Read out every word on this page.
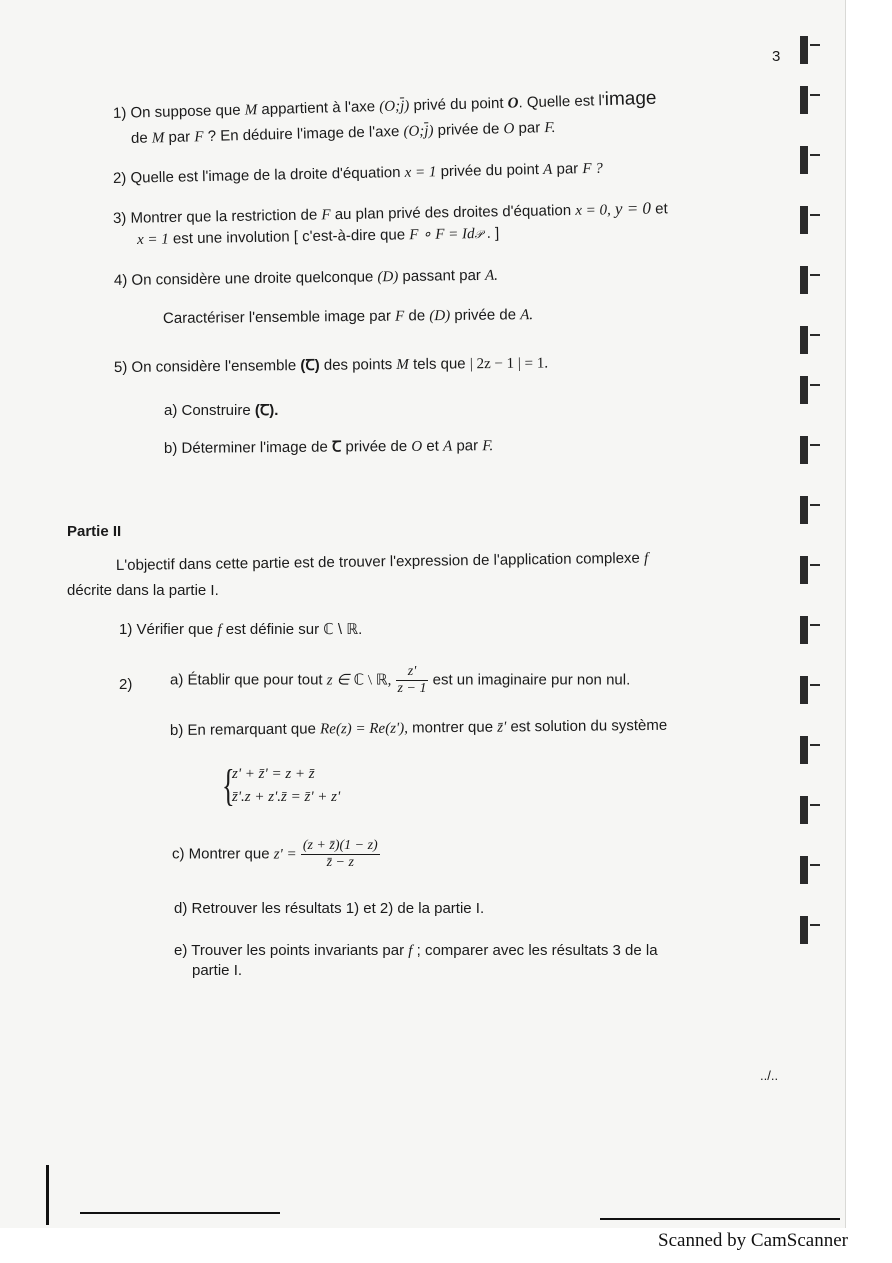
3
1) On suppose que M appartient à l'axe $(O;\overline{j})$ privé du point O. Quelle est l'image
de M par F ? En déduire l'image de l'axe $(O;\overline{j})$ privée de O par F.
2) Quelle est l'image de la droite d'équation x = 1 privée du point A par F ?
3) Montrer que la restriction de F au plan privé des droites d'équation x = 0, y = 0 et
x = 1 est une involution [ c'est-à-dire que F ∘ F = Id𝒫 . ]
4) On considère une droite quelconque (D) passant par A.
Caractériser l'ensemble image par F de (D) privée de A.
5) On considère l'ensemble (Ꞇ) des points M tels que | 2z − 1 | = 1.
a) Construire (Ꞇ).
b) Déterminer l'image de Ꞇ privée de O et A par F.
Partie II
L'objectif dans cette partie est de trouver l'expression de l'application complexe f
décrite dans la partie I.
1) Vérifier que f est définie sur ℂ \ ℝ.
2)	a) Établir que pour tout z ∈ ℂ \ ℝ, $\frac{z'}{z - 1}$ est un imaginaire pur non nul.
b) En remarquant que Re(z) = Re(z'), montrer que z̄' est solution du système
{
z' + z̄' = z + z̄
z̄'.z + z'.z̄ = z̄' + z'
c) Montrer que $z' = \frac{(z + z̄)(1 - z)}{z̄ - z}$
d) Retrouver les résultats 1) et 2) de la partie I.
e) Trouver les points invariants par f ; comparer avec les résultats 3 de la
partie I.
../..
Scanned by CamScanner
